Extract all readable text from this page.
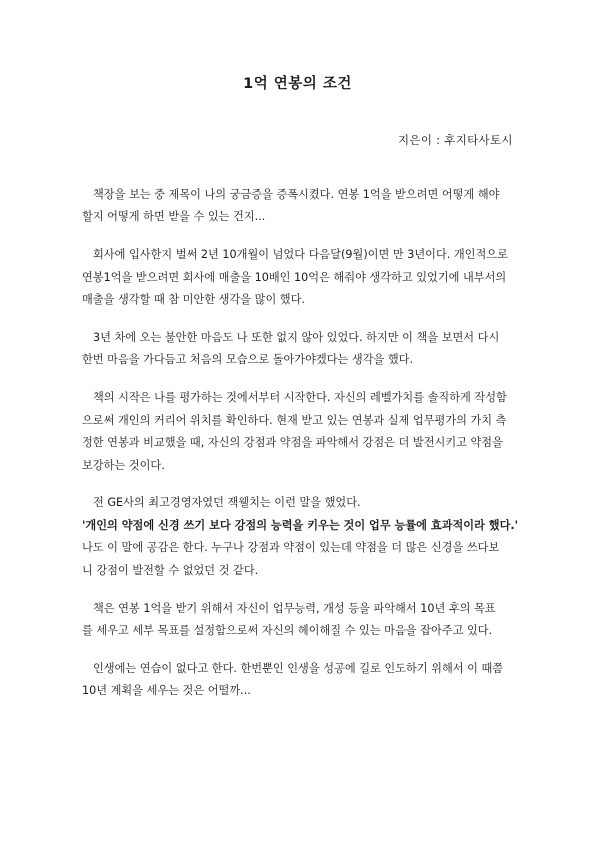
1억 연봉의 조건
지은이 : 후지타사토시

책장을 보는 중 제목이 나의 궁금증을 증폭시켰다. 연봉 1억을 받으려면 어떻게 해야
할지 어떻게 하면 받을 수 있는 건지...

회사에 입사한지 벌써 2년 10개월이 넘었다 다음달(9월)이면 만 3년이다. 개인적으로
연봉1억을 받으려면 회사에 매출을 10배인 10억은 해줘야 생각하고 있었기에 내부서의
매출을 생각할 때 참 미안한 생각을 많이 했다.

3년 차에 오는 불안한 마음도 나 또한 없지 않아 있었다. 하지만 이 책을 보면서 다시
한번 마음을 가다듬고 처음의 모습으로 돌아가야겠다는 생각을 했다.

책의 시작은 나를 평가하는 것에서부터 시작한다. 자신의 레벨가치를 솔직하게 작성함
으로써 개인의 커리어 위치를 확인하다. 현재 받고 있는 연봉과 실제 업무평가의 가치 측
정한 연봉과 비교했을 때, 자신의 강점과 약점을 파악해서 강점은 더 발전시키고 약점을
보강하는 것이다.

전 GE사의 최고경영자였던 잭웰치는 이런 말을 했었다.

'개인의 약점에 신경 쓰기 보다 강점의 능력을 키우는 것이 업무 능률에 효과적이라 했다.'

나도 이 말에 공감은 한다. 누구나 강점과 약점이 있는데 약점을 더 많은 신경을 쓰다보
니 강점이 발전할 수 없었던 것 같다.

책은 연봉 1억을 받기 위해서 자신이 업무능력, 개성 등을 파악해서 10년 후의 목표
를 세우고 세부 목표를 설정함으로써 자신의 헤이해질 수 있는 마음을 잡아주고 있다.

인생에는 연습이 없다고 한다. 한번뿐인 인생을 성공에 길로 인도하기 위해서 이 때쯤
10년 계획을 세우는 것은 어떨까...
